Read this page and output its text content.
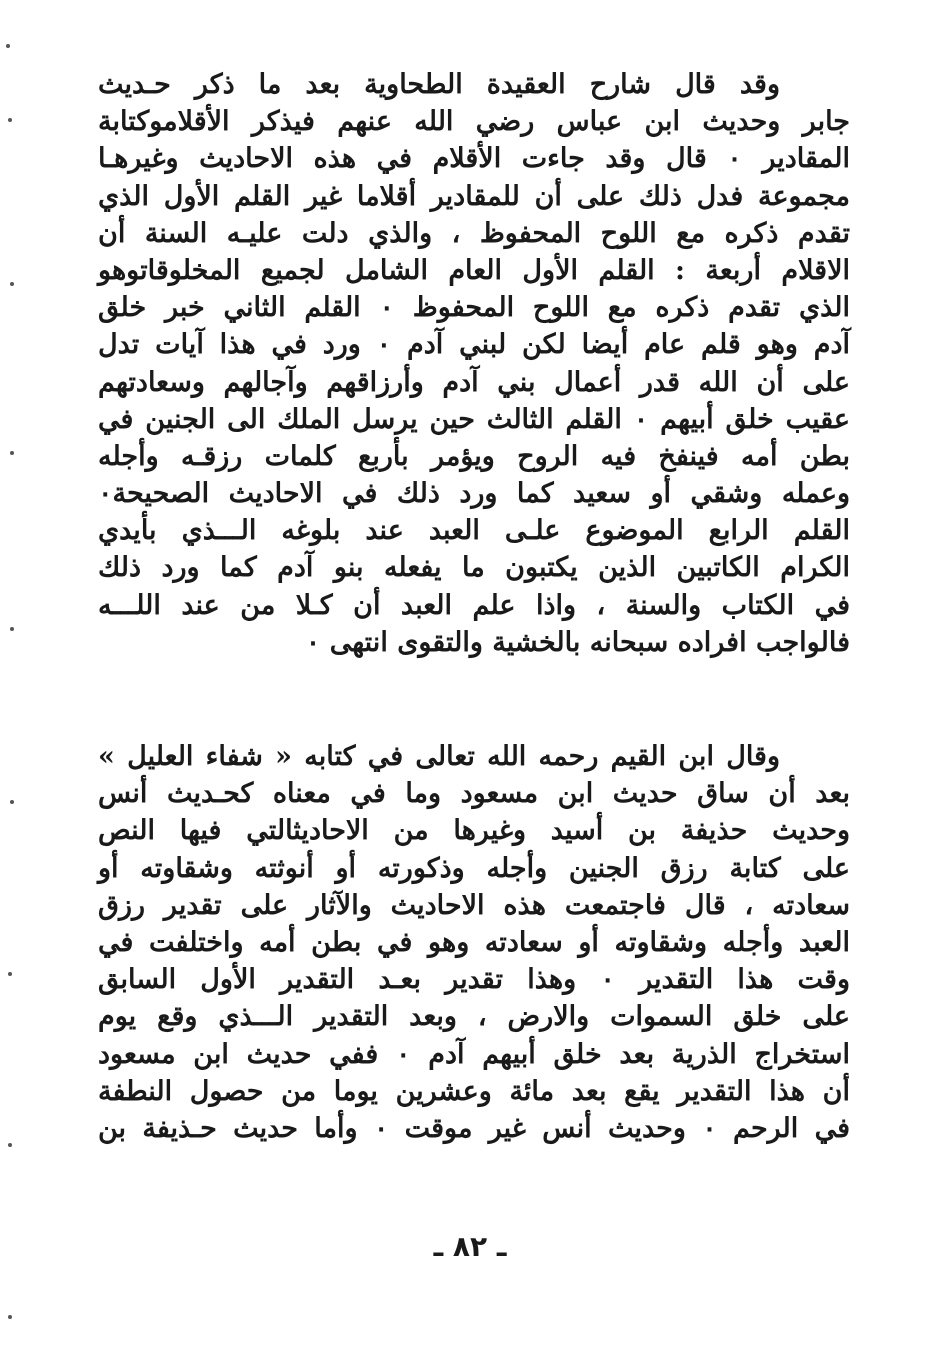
وقد قال شارح العقيدة الطحاوية بعد ما ذكر حـديث
جابر وحديث ابن عباس رضي الله عنهم فيذكر الأقلاموكتابة
المقادير ٠ قال وقد جاءت الأقلام في هذه الاحاديث وغيرهـا
مجموعة فدل ذلك على أن للمقادير أقلاما غير القلم الأول الذي
تقدم ذكره مع اللوح المحفوظ ، والذي دلت عليـه السنة أن
الاقلام أربعة : القلم الأول العام الشامل لجميع المخلوقاتوهو
الذي تقدم ذكره مع اللوح المحفوظ ٠ القلم الثاني خبر خلق
آدم وهو قلم عام أيضا لكن لبني آدم ٠ ورد في هذا آيات تدل
على أن الله قدر أعمال بني آدم وأرزاقهم وآجالهم وسعادتهم
عقيب خلق أبيهم ٠ القلم الثالث حين يرسل الملك الى الجنين في
بطن أمه فينفخ فيه الروح ويؤمر بأربع كلمات رزقـه وأجله
وعمله وشقي أو سعيد كما ورد ذلك في الاحاديث الصحيحة٠
القلم الرابع الموضوع علـى العبد عند بلوغه الـــذي بأيدي
الكرام الكاتبين الذين يكتبون ما يفعله بنو آدم كما ورد ذلك
في الكتاب والسنة ، واذا علم العبد أن كـلا من عند اللـــه
فالواجب افراده سبحانه بالخشية والتقوى انتهى ٠
وقال ابن القيم رحمه الله تعالى في كتابه « شفاء العليل »
بعد أن ساق حديث ابن مسعود وما في معناه كحـديث أنس
وحديث حذيفة بن أسيد وغيرها من الاحاديثالتي فيها النص
على كتابة رزق الجنين وأجله وذكورته أو أنوثته وشقاوته أو
سعادته ، قال فاجتمعت هذه الاحاديث والآثار على تقدير رزق
العبد وأجله وشقاوته أو سعادته وهو في بطن أمه واختلفت في
وقت هذا التقدير ٠ وهذا تقدير بعـد التقدير الأول السابق
على خلق السموات والارض ، وبعد التقدير الـــذي وقع يوم
استخراج الذرية بعد خلق أبيهم آدم ٠ ففي حديث ابن مسعود
أن هذا التقدير يقع بعد مائة وعشرين يوما من حصول النطفة
في الرحم ٠ وحديث أنس غير موقت ٠ وأما حديث حـذيفة بن
ـ ٨٢ ـ
